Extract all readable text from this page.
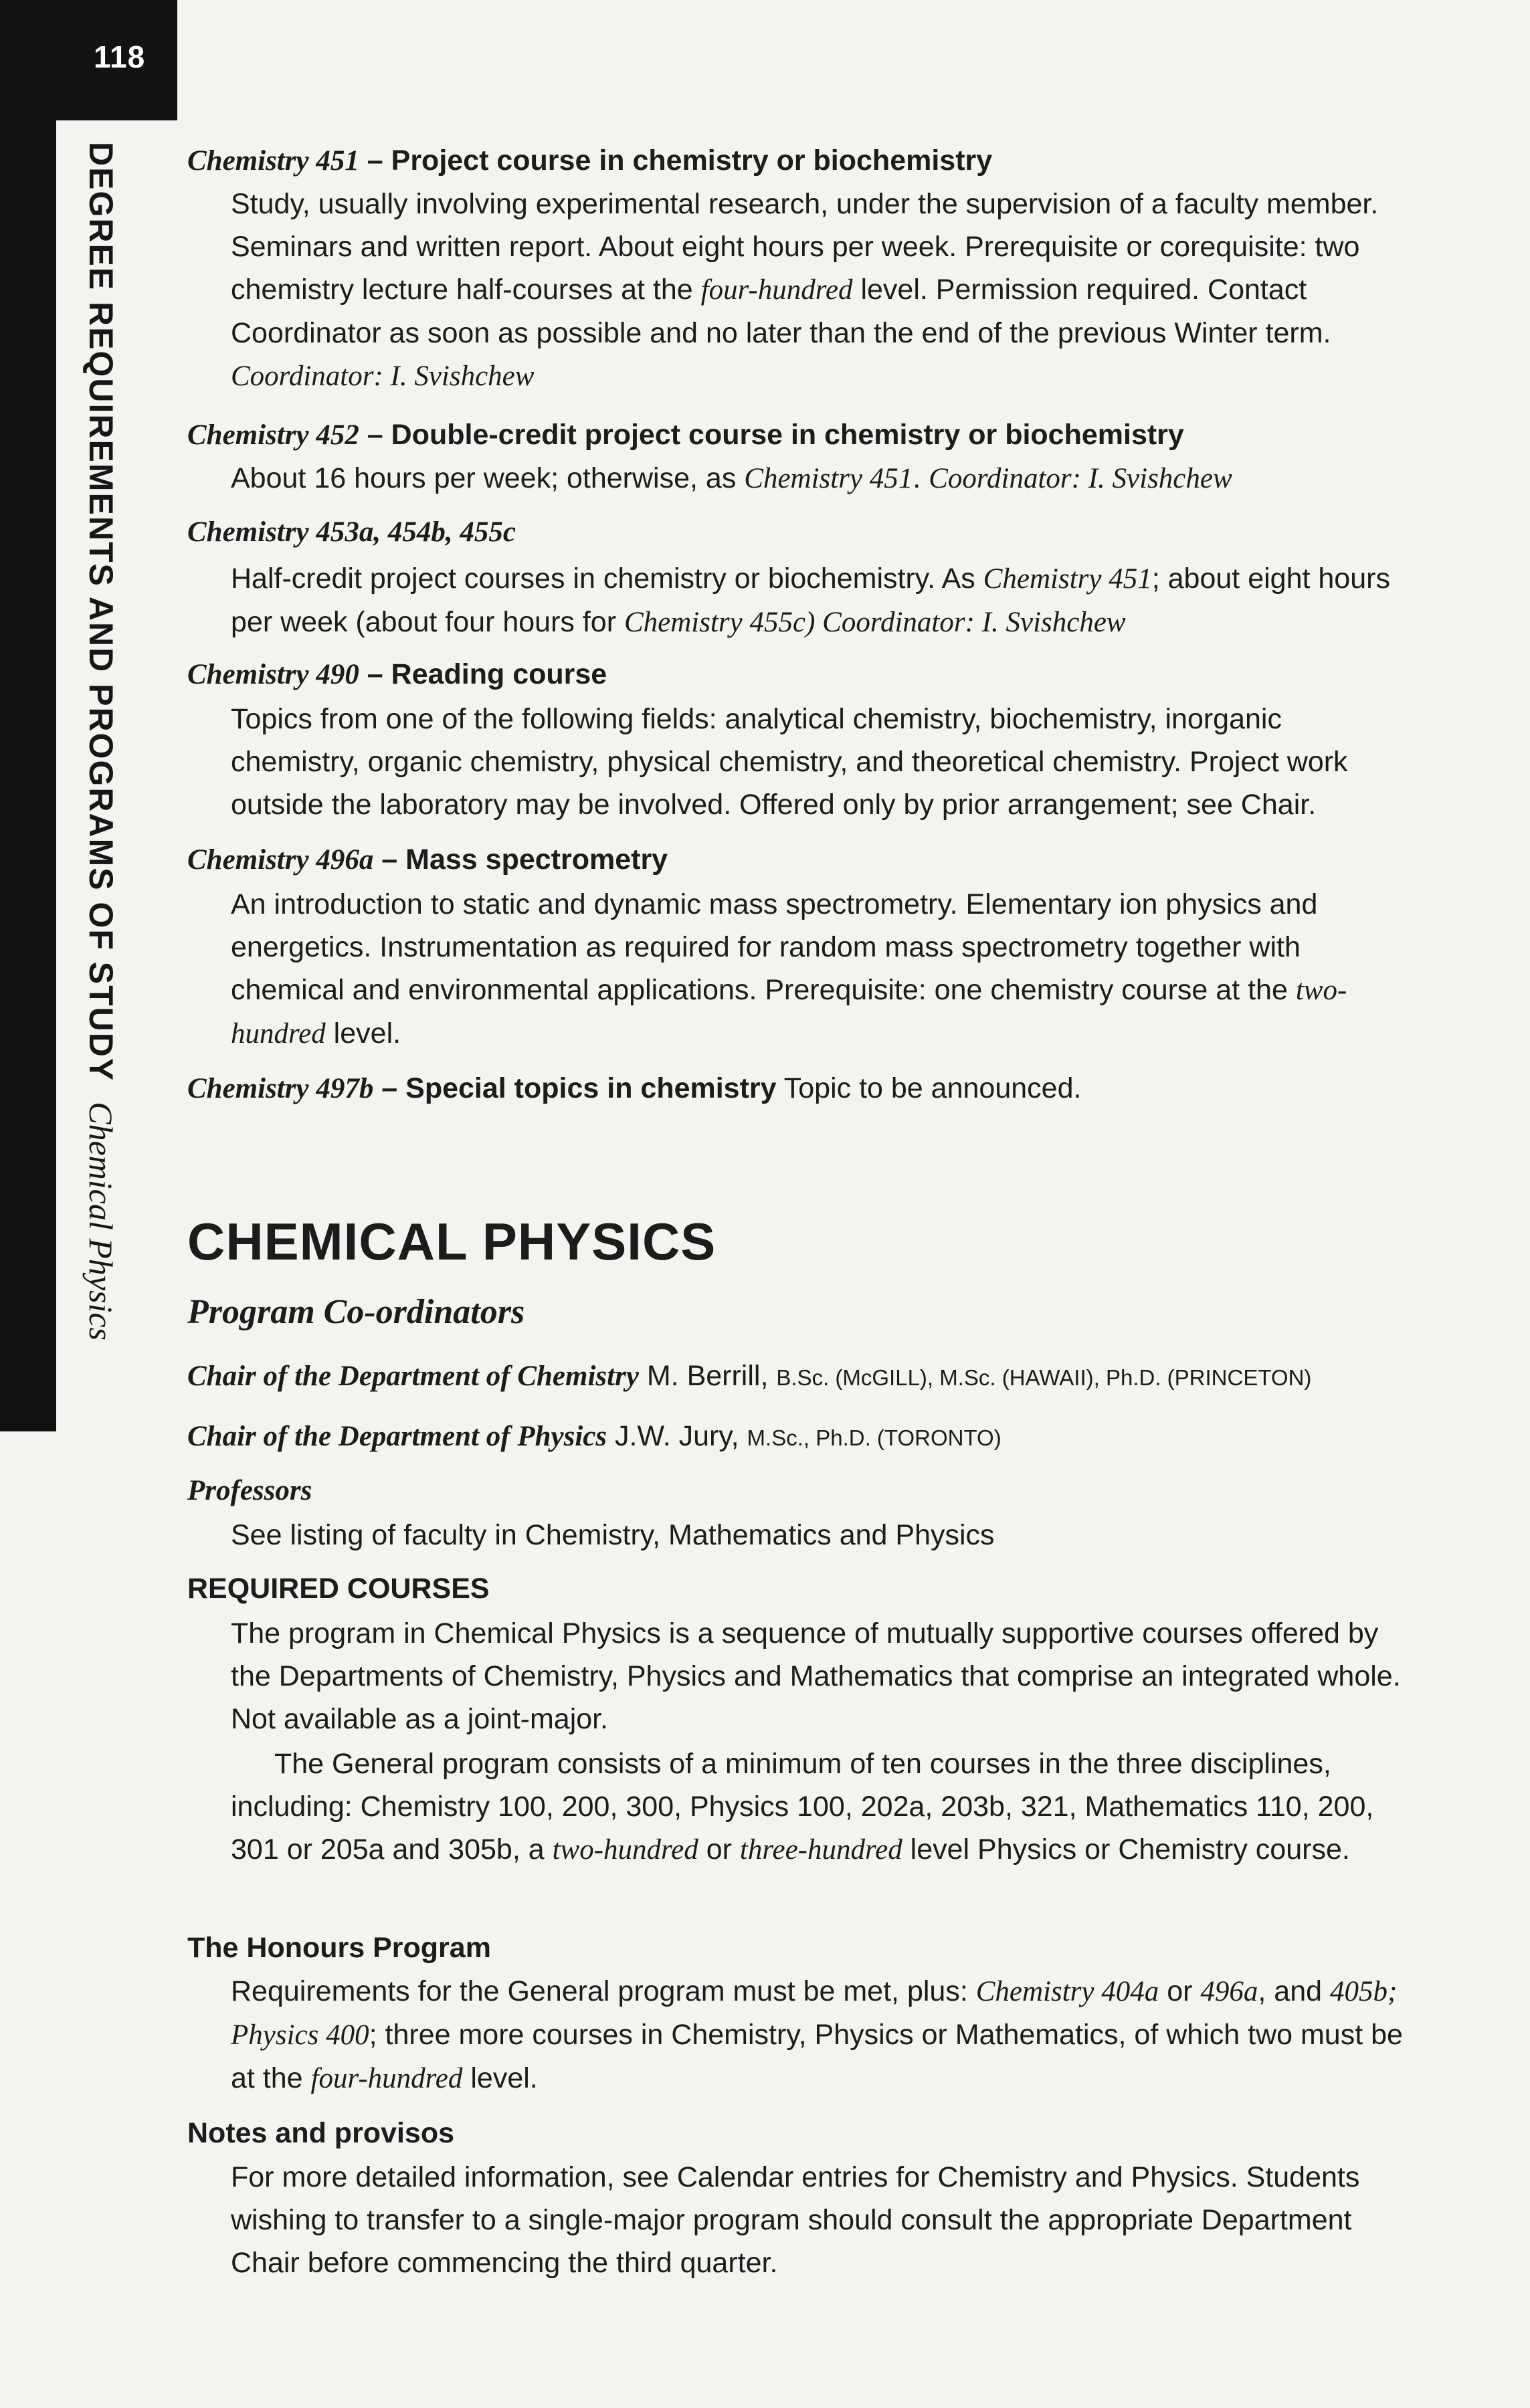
118
DEGREE REQUIREMENTS AND PROGRAMS OF STUDYChemical Physics
Chemistry 451 – Project course in chemistry or biochemistry
Study, usually involving experimental research, under the supervision of a faculty member. Seminars and written report. About eight hours per week. Prerequisite or corequisite: two chemistry lecture half-courses at the four-hundred level. Permission required. Contact Coordinator as soon as possible and no later than the end of the previous Winter term. Coordinator: I. Svishchew
Chemistry 452 – Double-credit project course in chemistry or biochemistry
About 16 hours per week; otherwise, as Chemistry 451. Coordinator: I. Svishchew
Chemistry 453a, 454b, 455c
Half-credit project courses in chemistry or biochemistry. As Chemistry 451; about eight hours per week (about four hours for Chemistry 455c) Coordinator: I. Svishchew
Chemistry 490 – Reading course
Topics from one of the following fields: analytical chemistry, biochemistry, inorganic chemistry, organic chemistry, physical chemistry, and theoretical chemistry. Project work outside the laboratory may be involved. Offered only by prior arrangement; see Chair.
Chemistry 496a – Mass spectrometry
An introduction to static and dynamic mass spectrometry. Elementary ion physics and energetics. Instrumentation as required for random mass spectrometry together with chemical and environmental applications. Prerequisite: one chemistry course at the two-hundred level.
Chemistry 497b – Special topics in chemistry Topic to be announced.
CHEMICAL PHYSICS
Program Co-ordinators
Chair of the Department of Chemistry M. Berrill, B.Sc. (McGILL), M.Sc. (HAWAII), Ph.D. (PRINCETON)
Chair of the Department of Physics J.W. Jury, M.Sc., Ph.D. (TORONTO)
Professors
See listing of faculty in Chemistry, Mathematics and Physics
REQUIRED COURSES
The program in Chemical Physics is a sequence of mutually supportive courses offered by the Departments of Chemistry, Physics and Mathematics that comprise an integrated whole. Not available as a joint-major.
The General program consists of a minimum of ten courses in the three disciplines, including: Chemistry 100, 200, 300, Physics 100, 202a, 203b, 321, Mathematics 110, 200, 301 or 205a and 305b, a two-hundred or three-hundred level Physics or Chemistry course.
The Honours Program
Requirements for the General program must be met, plus: Chemistry 404a or 496a, and 405b; Physics 400; three more courses in Chemistry, Physics or Mathematics, of which two must be at the four-hundred level.
Notes and provisos
For more detailed information, see Calendar entries for Chemistry and Physics. Students wishing to transfer to a single-major program should consult the appropriate Department Chair before commencing the third quarter.
